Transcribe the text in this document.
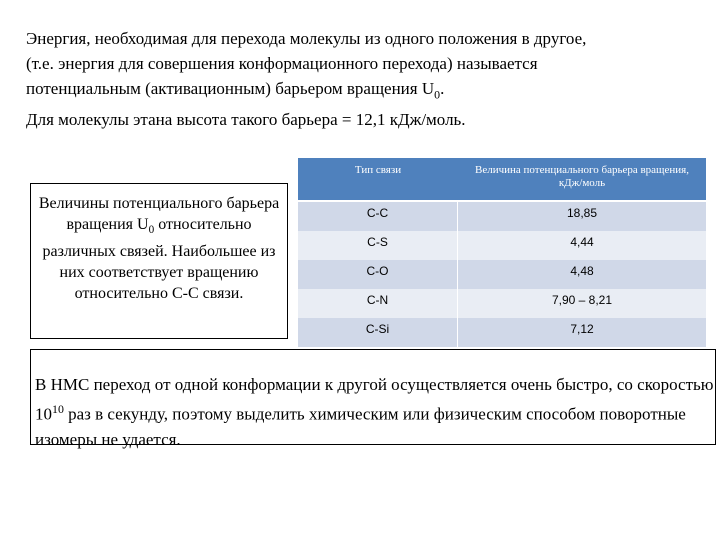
Энергия, необходимая для перехода молекулы из одного положения в другое,
(т.е. энергия для совершения конформационного перехода) называется
потенциальным (активационным) барьером вращения $U_0$.

Для молекулы этана высота такого барьера = 12,1 кДж/моль.

Величины потенциального барьера вращения $U_0$ относительно различных связей. Наибольшее из них соответствует вращению относительно С-С связи.
Тип связи	Величина потенциального барьера вращения, кДж/моль
C-C	18,85
C-S	4,44
C-O	4,48
C-N	7,90 – 8,21
C-Si	7,12
В НМС переход от одной конформации к другой осуществляется очень быстро, со скоростью $10^{10}$ раз в секунду, поэтому выделить химическим или физическим способом поворотные изомеры не удается.
